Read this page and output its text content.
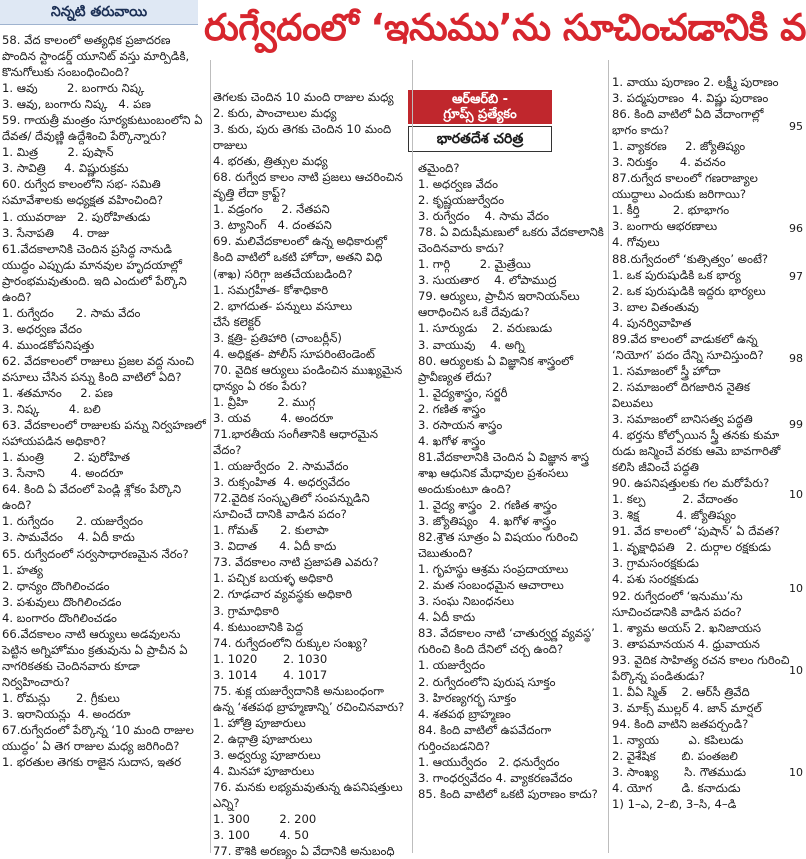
నిన్నటి తరువాయి	రుగ్వేదంలో ‘ఇనుము’ను సూచించడానికి వ
ఆర్‌ఆర్‌బి -
గ్రూప్స్ ప్రత్యేకం
భారతదేశ చరిత్ర

58. వేద కాలంలో అత్యధిక ప్రజాదరణ పొందిన స్టాండర్డ్ యూనిట్ వస్తు మార్పిడికి, కొనుగోలుకు సంబంధించింది?

1. ఆవు        2. బంగారు నిష్క
3. ఆవు, బంగారు నిష్క   4. పణ

59. గాయత్రీ మంత్రం సూర్యకుటుంబంలోని ఏ దేవత/ దేవుణ్ణి ఉద్దేశించి పేర్కొన్నారు?

1. మిత్ర        2. పుషాన్
3. సావిత్రి     4. విష్ణురుక్రమ

60. రుగ్వేద కాలంలోని సభ- సమితి సమావేశాలకు అధ్యక్షత వహించింది?

1. యువరాజు   2. పురోహితుడు
3. సేనాపతి     4. రాజు

61.వేదకాలానికి చెందిన ప్రసిద్ధ నానుడి యుద్ధం ఎప్పుడు మానవుల హృదయాల్లో ప్రారంభమవుతుంది. ఇది ఎందులో పేర్కొని ఉంది?

1. రుగ్వేదం      2. సామ వేదం
3. అధర్వణ వేదం
4. ముండకోపనిషత్తు

62. వేదకాలంలో రాజులు ప్రజల వద్ద నుంచి వసూలు చేసిన పన్ను కింది వాటిలో ఏది?

1. శతమానం     2. పణ
3. నిష్క        4. బలి

63. వేదకాలంలో రాజులకు పన్ను నిర్వహణలో సహాయపడిన అధికారి?

1. మంత్రి        2. పురోహిత
3. సేనాని       4. అందరూ

64. కింది ఏ వేదంలో పెండ్లి శ్లోకం పేర్కొని ఉంది?

1. రుగ్వేదం      2. యజుర్వేదం
3. సామవేదం    4. ఏదీ కాదు

65. రుగ్వేదంలో సర్వసాధారణమైన నేరం?

1. హత్య
2. ధాన్యం దొంగిలించడం
3. పశువులు దొంగిలించడం
4. బంగారం దొంగిలించడం

66.వేదకాలం నాటి ఆర్యులు అడవులను పెట్టిన అగ్నిహోమం క్రతువును ఏ ప్రాచీన ఏ నాగరికతకు చెందినవారు కూడా నిర్వహించారు?

1. రోమన్లు       2. గ్రీకులు
3. ఇరానియన్లు  4. అందరూ

67.రుగ్వేదంలో పేర్కొన్న ‘10 మంది రాజుల యుద్ధం’ ఏ తెగ రాజుల మధ్య జరిగింది?

1. భరతుల తెగకు రాజైన సుదాస, ఇతర
తెగలకు చెందిన 10 మంది రాజుల మధ్య
2. కురు, పాంచాలుల మధ్య
3. కురు, పురు తెగకు చెందిన 10 మంది
రాజులు
4. భరతు, త్రిత్సుల మధ్య

68. రుగ్వేద కాలం నాటి ప్రజలు ఆచరించిన వృత్తి లేదా క్రాఫ్ట్?

1. వడ్రంగం     2. నేతపని
3. ట్యానింగ్   4. దంతపని

69. మలివేదకాలంలో ఉన్న అధికారుల్లో కింది వాటిలో ఒకటి హోదా, అతని విధి (శాఖ) సరిగ్గా జతచేయబడింది?

1. సమగ్రహీత- కోశాధికారి
2. భాగదుత- పన్నులు వసూలు
చేసే కలెక్టర్
3. క్షత్రి- ప్రతిహారి (చాంబర్లీన్)
4. అధిక్షత- పోలీస్ సూపరింటెండెంట్

70. వైదిక ఆర్యులు పండించిన ముఖ్యమైన ధాన్యం ఏ రకం పేరు?

1. వ్రీహి        2. ముగ్గ
3. యవ        4. అందరూ

71.భారతీయ సంగీతానికి ఆధారమైన వేదం?

1. యజుర్వేదం  2. సామవేదం
3. రుక్సంహిత  4. అధర్వవేదం

72.వైదిక సంస్కృతిలో సంపన్నుడిని సూచించే దానికి వాడిన పదం?

1. గోమత్      2. కులాపా
3. విదాత      4. ఏదీ కాదు

73. వేదకాలం నాటి ప్రజాపతి ఎవరు?

1. పచ్చిక బయళ్ళ అధికారి
2. గూఢచార వ్యవస్థకు అధికారి
3. గ్రామాధికారి
4. కుటుంబానికి పెద్ద

74. రుగ్వేదంలోని రుక్కుల సంఖ్య?

1. 1020       2. 1030
3. 1014       4. 1017

75. శుక్ల యజుర్వేదానికి అనుబంధంగా ఉన్న ‘శతపథ బ్రాహ్మణాన్ని’ రచించినవారు?

1. హోత్రి పూజారులు
2. ఉద్గాత్రి పూజారులు
3. అధ్వర్యు పూజారులు
4. మినహా పూజారులు

76. మనకు లభ్యమవుతున్న ఉపనిషత్తులు ఎన్ని?

1. 300        2. 200
3. 100        4. 50

77. కౌశికి అరణ్యం ఏ వేదానికి అనుబంధి

తమైంది?

1. అధర్వణ వేదం
2. కృష్ణయజుర్వేదం
3. రుగ్వేదం    4. సామ వేదం

78. ఏ విదుషీమణులో ఒకరు వేదకాలానికి చెందినవారు కాదు?

1. గార్గి        2. మైత్రేయి
3. సుయతార    4. లోపాముద్ర

79. ఆర్యులు, ప్రాచీన ఇరానియన్‌లు ఆరాధించిన ఒకే దేవుడు?

1. సూర్యుడు    2. వరుణుడు
3. వాయువు    4. అగ్ని

80. ఆర్యులకు ఏ విజ్ఞానిక శాస్త్రంలో ప్రావీణ్యత లేదు?

1. వైద్యశాస్త్రం, సర్జరీ
2. గణిత శాస్త్రం
3. రసాయన శాస్త్రం
4. ఖగోళ శాస్త్రం

81.వేదకాలానికి చెందిన ఏ విజ్ఞాన శాస్త్ర శాఖ ఆధునిక మేధావుల ప్రశంసలు అందుకుంటూ ఉంది?

1. వైద్య శాస్త్రం  2. గణిత శాస్త్రం
3. జ్యోతిష్యం   4. ఖగోళ శాస్త్రం

82.శ్రౌత సూత్రం ఏ విషయం గురించి చెబుతుంది?

1. గృహస్థు ఆశ్రమ సంప్రదాయాలు
2. మత సంబంధమైన ఆచారాలు
3. సంఘ నిబంధనలు
4. ఏదీ కాదు

83. వేదకాలం నాటి ‘చాతుర్వర్ణ వ్యవస్థ’ గురించి కింది దేనిలో చర్చ ఉంది?

1. యజుర్వేదం
2. రుగ్వేదంలోని పురుష సూక్తం
3. హిరణ్యగర్భ సూక్తం
4. శతపథ బ్రాహ్మణం

84. కింది వాటిలో ఉపవేదంగా గుర్తించబడనిది?

1. ఆయుర్వేదం   2. ధనుర్వేదం
3. గాంధర్వవేదం 4. వ్యాకరణవేదం

85. కింది వాటిలో ఒకటి పురాణం కాదు?

1. వాయు పురాణం 2. లక్ష్మీ పురాణం
3. పద్మపురాణం  4. విష్ణు పురాణం

86. కింది వాటిలో ఏది వేదాంగాల్లో భాగం కాదు?

1. వ్యాకరణ     2. జ్యోతిష్యం
3. నిరుక్తం      4. వచనం

87.రుగ్వేద కాలంలో గణరాజ్యాల యుద్ధాలు ఎందుకు జరిగాయి?

1. కీర్తి         2. భూభాగం
3. బంగారు ఆభరణాలు
4. గోవులు

88.రుగ్వేదంలో ‘కుత్సిత్వం’ అంటే?

1. ఒక పురుషుడికి ఒక భార్య
2. ఒక పురుషుడికి ఇద్దరు భార్యలు
3. బాల వితంతువు
4. పునర్వివాహిత

89.వేద కాలంలో వాడుకలో ఉన్న ‘నియోగ’ పదం దేన్ని సూచిస్తుంది?

1. సమాజంలో స్త్రీ హోదా
2. సమాజంలో దిగజారిన నైతిక
విలువలు
3. సమాజంలో బానిసత్వ పద్ధతి
4. భర్తను కోల్పోయిన స్త్రీ తనకు కుమా
రుడు జన్మించే వరకు ఆమె బావగారితో
కలిసి జీవించే పద్ధతి

90. ఉపనిషత్తులకు గల మరోపేరు?

1. కల్ప          2. వేదాంతం
3. శిక్ష          4. జ్యోతిష్యం

91. వేద కాలంలో ‘పుషాన్’ ఏ దేవత?

1. వృక్షాధిపతి   2. దుర్గాల రక్షకుడు
3. గ్రామసంరక్షకుడు
4. పశు సంరక్షకుడు

92. రుగ్వేదంలో ‘ఇనుము’ను సూచించడానికి వాడిన పదం?

1. శ్యామ అయస్ 2. ఖనిజాయస
3. తాపమానయన 4. ధ్రువాయన

93. వైదిక సాహిత్య రచన కాలం గురించి పేర్కొన్న పండితుడు?

1. వీఏ స్మిత్    2. ఆర్‌సీ త్రివేది
3. మాక్స్ ముల్లర్ 4. జాన్ మార్షల్

94. కింది వాటిని జతపర్చండి?

1. న్యాయ        ఎ. కపిలుడు
2. వైశేషిక       బి. పంతజలి
3. సాంఖ్య       సి. గౌతముడు
4. యోగ        డి. కనాదుడు
1) 1–ఎ, 2–బి, 3–సి, 4–డి
95
96
97
98
99
10
10
10
10
